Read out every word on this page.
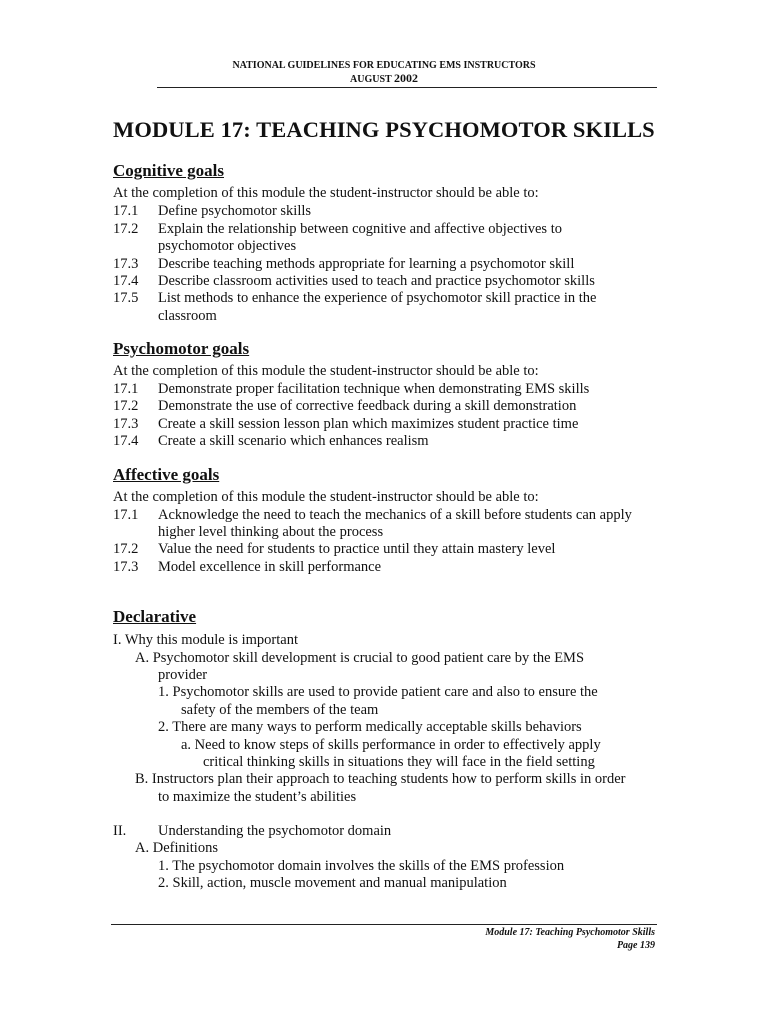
NATIONAL GUIDELINES FOR EDUCATING EMS INSTRUCTORS
AUGUST 2002
MODULE 17: TEACHING PSYCHOMOTOR SKILLS
Cognitive goals
At the completion of this module the student-instructor should be able to:
17.1 Define psychomotor skills
17.2 Explain the relationship between cognitive and affective objectives to
psychomotor objectives
17.3 Describe teaching methods appropriate for learning a psychomotor skill
17.4 Describe classroom activities used to teach and practice psychomotor skills
17.5 List methods to enhance the experience of psychomotor skill practice in the
classroom
Psychomotor goals
At the completion of this module the student-instructor should be able to:
17.1 Demonstrate proper facilitation technique when demonstrating EMS skills
17.2 Demonstrate the use of corrective feedback during a skill demonstration
17.3 Create a skill session lesson plan which maximizes student practice time
17.4 Create a skill scenario which enhances realism
Affective goals
At the completion of this module the student-instructor should be able to:
17.1 Acknowledge the need to teach the mechanics of a skill before students can apply
higher level thinking about the process
17.2 Value the need for students to practice until they attain mastery level
17.3 Model excellence in skill performance
Declarative
I. Why this module is important
A. Psychomotor skill development is crucial to good patient care by the EMS
provider
1. Psychomotor skills are used to provide patient care and also to ensure the
safety of the members of the team
2. There are many ways to perform medically acceptable skills behaviors
a. Need to know steps of skills performance in order to effectively apply
critical thinking skills in situations they will face in the field setting
B. Instructors plan their approach to teaching students how to perform skills in order
to maximize the student’s abilities
II. Understanding the psychomotor domain
A. Definitions
1. The psychomotor domain involves the skills of the EMS profession
2. Skill, action, muscle movement and manual manipulation
Module 17: Teaching Psychomotor Skills
Page 139
